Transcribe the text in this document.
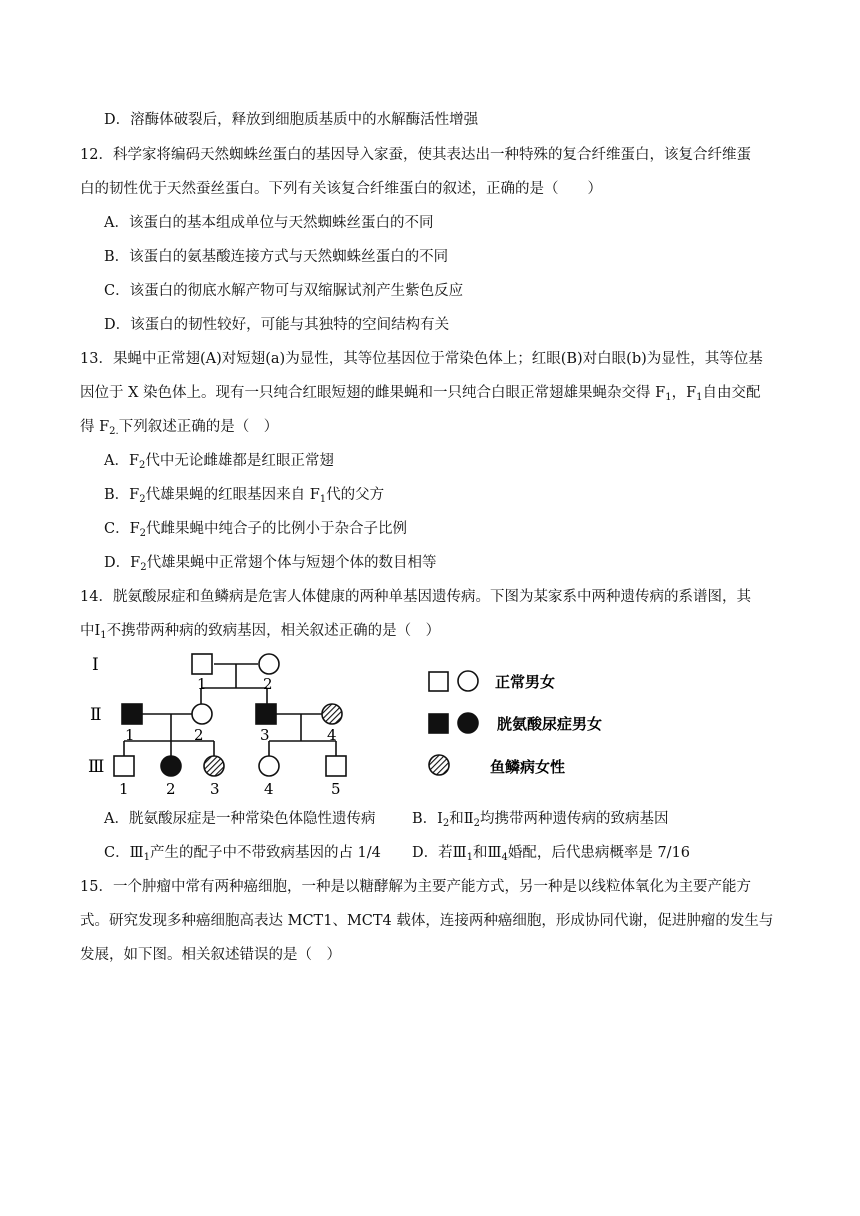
D．溶酶体破裂后，释放到细胞质基质中的水解酶活性增强
12．科学家将编码天然蜘蛛丝蛋白的基因导入家蚕，使其表达出一种特殊的复合纤维蛋白，该复合纤维蛋
白的韧性优于天然蚕丝蛋白。下列有关该复合纤维蛋白的叙述，正确的是（　　）
A．该蛋白的基本组成单位与天然蜘蛛丝蛋白的不同
B．该蛋白的氨基酸连接方式与天然蜘蛛丝蛋白的不同
C．该蛋白的彻底水解产物可与双缩脲试剂产生紫色反应
D．该蛋白的韧性较好，可能与其独特的空间结构有关
13．果蝇中正常翅(A)对短翅(a)为显性，其等位基因位于常染色体上；红眼(B)对白眼(b)为显性，其等位基
因位于 X 染色体上。现有一只纯合红眼短翅的雌果蝇和一只纯合白眼正常翅雄果蝇杂交得 $F_1$，$F_1$自由交配
得 $F_{2.}$下列叙述正确的是（　）
A．$F_2$代中无论雌雄都是红眼正常翅
B．$F_2$代雄果蝇的红眼基因来自 $F_1$代的父方
C．$F_2$代雌果蝇中纯合子的比例小于杂合子比例
D．$F_2$代雄果蝇中正常翅个体与短翅个体的数目相等
14．胱氨酸尿症和鱼鳞病是危害人体健康的两种单基因遗传病。下图为某家系中两种遗传病的系谱图，其
中$Ⅰ_1$不携带两种病的致病基因，相关叙述正确的是（　）
Ⅰ
Ⅱ
Ⅲ
1	2
1	2	3	4
1 2 3	4	5
正常男女
胱氨酸尿症男女
鱼鳞病女性
A．胱氨酸尿症是一种常染色体隐性遗传病	B．$Ⅰ_2$和$Ⅱ_2$均携带两种遗传病的致病基因
C．$Ⅲ_1$产生的配子中不带致病基因的占 1/4 D．若$Ⅲ_1$和$Ⅲ_4$婚配，后代患病概率是 7/16
15．一个肿瘤中常有两种癌细胞，一种是以糖酵解为主要产能方式，另一种是以线粒体氧化为主要产能方
式。研究发现多种癌细胞高表达 MCT1、MCT4 载体，连接两种癌细胞，形成协同代谢，促进肿瘤的发生与
发展，如下图。相关叙述错误的是（　）
